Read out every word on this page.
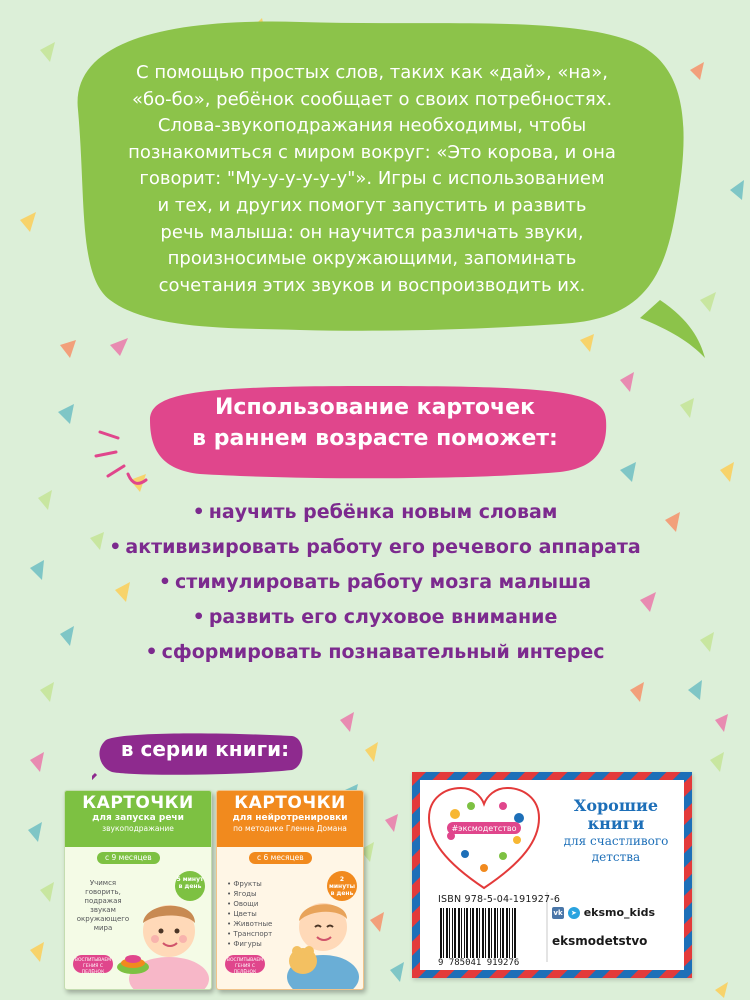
С помощью простых слов, таких как «дай», «на»,
«бо-бо», ребёнок сообщает о своих потребностях.
Слова-звукоподражания необходимы, чтобы
познакомиться с миром вокруг: «Это корова, и она
говорит: "Му-у-у-у-у-у"». Игры с использованием
и тех, и других помогут запустить и развить
речь малыша: он научится различать звуки,
произносимые окружающими, запоминать
сочетания этих звуков и воспроизводить их.
Использование карточек
в раннем возрасте поможет:
• научить ребёнка новым словам
• активизировать работу его речевого аппарата
• стимулировать работу мозга малыша
• развить его слуховое внимание
• сформировать познавательный интерес
в серии книги:
КАРТОЧКИ
для запуска речи
звукоподражание
с 9 месяцев
Учимся говорить, подражая звукам окружающего мира
5 минут в день
ВОСПИТЫВАЕМ ГЕНИЯ С ПЕЛЁНОК
КАРТОЧКИ
для нейротренировки
по методике Гленна Домана
с 6 месяцев
• Фрукты
• Ягоды
• Овощи
• Цветы
• Животные
• Транспорт
• Фигуры
2 минуты в день
ВОСПИТЫВАЕМ ГЕНИЯ С ПЕЛЁНОК
#эксмодетство
Хорошие
книги
для счастливого детства
ISBN 978-5-04-191927-6
9 785041 919276
vk ➤ eksmo_kids
eksmodetstvo
